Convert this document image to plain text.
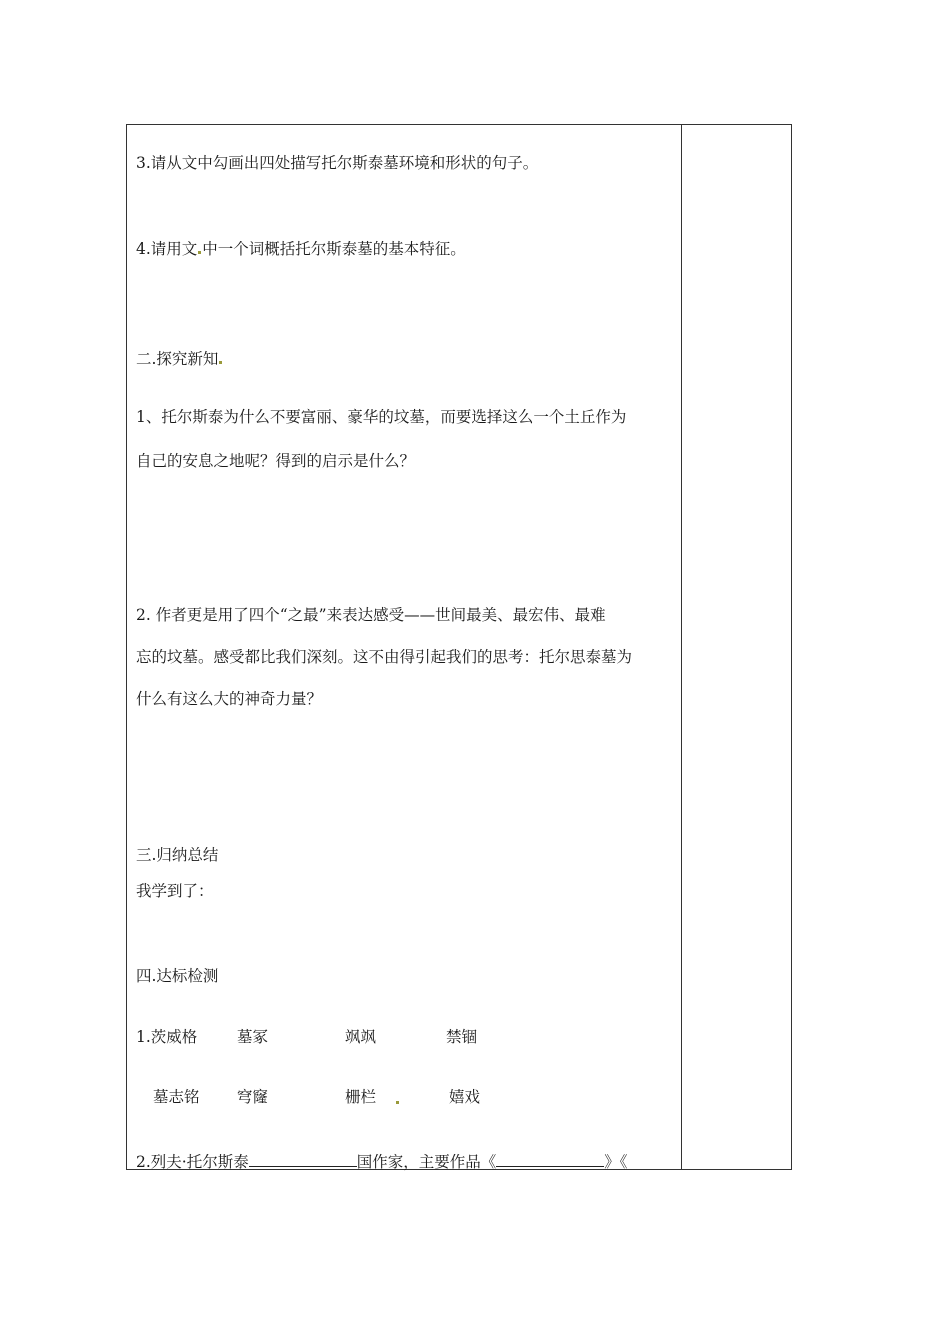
3.请从文中勾画出四处描写托尔斯泰墓环境和形状的句子。
4.请用文 中一个词概括托尔斯泰墓的基本特征。
二.探究新知
1、托尔斯泰为什么不要富丽、豪华的坟墓，而要选择这么一个土丘作为
自己的安息之地呢？得到的启示是什么？
2. 作者更是用了四个“之最”来表达感受——世间最美、最宏伟、最难
忘的坟墓。感受都比我们深刻。这不由得引起我们的思考：托尔思泰墓为
什么有这么大的神奇力量？
三.归纳总结
我学到了：
四.达标检测
1.茨威格	墓冢	飒飒	禁锢
墓志铭 穹窿	栅栏	嬉戏
2.列夫·托尔斯泰	国作家，主要作品《	》《
